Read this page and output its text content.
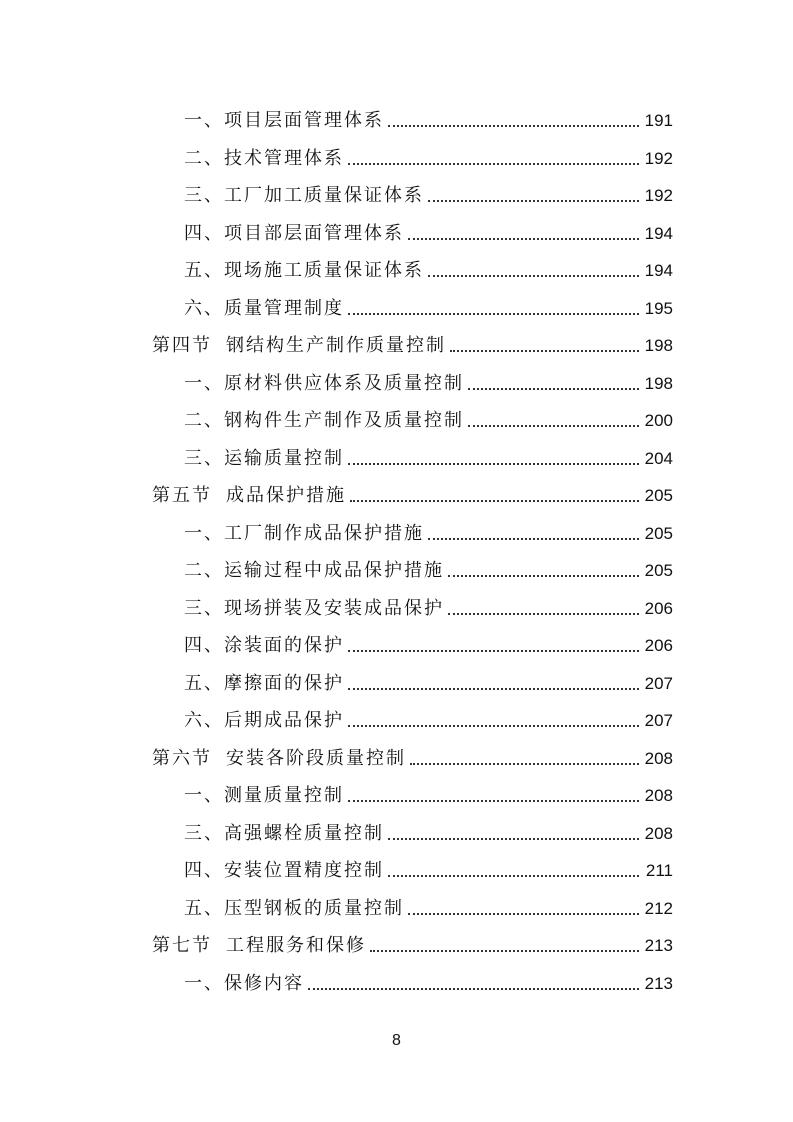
一、 项目层面管理体系	191
二、 技术管理体系	192
三、 工厂加工质量保证体系	192
四、 项目部层面管理体系	194
五、 现场施工质量保证体系	194
六、 质量管理制度	195
第四节 钢结构生产制作质量控制	198
一、 原材料供应体系及质量控制	198
二、 钢构件生产制作及质量控制	200
三、 运输质量控制	204
第五节 成品保护措施	205
一、 工厂制作成品保护措施	205
二、 运输过程中成品保护措施	205
三、 现场拼装及安装成品保护	206
四、 涂装面的保护	206
五、 摩擦面的保护	207
六、 后期成品保护	207
第六节 安装各阶段质量控制	208
一、 测量质量控制	208
三、 高强螺栓质量控制	208
四、 安装位置精度控制	211
五、 压型钢板的质量控制	212
第七节 工程服务和保修	213
一、 保修内容	213
8
